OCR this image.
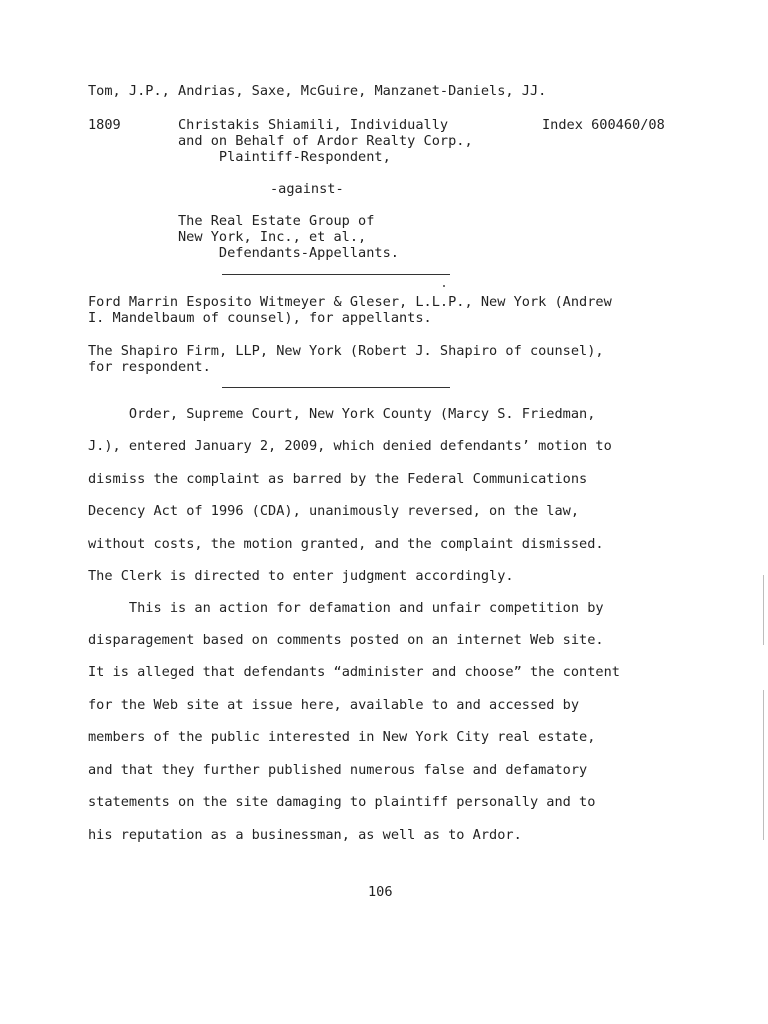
Tom, J.P., Andrias, Saxe, McGuire, Manzanet-Daniels, JJ.
1809	Christakis Shiamili, Individually
and on Behalf of Ardor Realty Corp.,
Plaintiff-Respondent,
Index 600460/08
-against-
The Real Estate Group of
New York, Inc., et al.,
Defendants-Appellants.
Ford Marrin Esposito Witmeyer & Gleser, L.L.P., New York (Andrew
I. Mandelbaum of counsel), for appellants.
The Shapiro Firm, LLP, New York (Robert J. Shapiro of counsel),
for respondent.
Order, Supreme Court, New York County (Marcy S. Friedman,
J.), entered January 2, 2009, which denied defendants’ motion to
dismiss the complaint as barred by the Federal Communications
Decency Act of 1996 (CDA), unanimously reversed, on the law,
without costs, the motion granted, and the complaint dismissed.
The Clerk is directed to enter judgment accordingly.
This is an action for defamation and unfair competition by
disparagement based on comments posted on an internet Web site.
It is alleged that defendants “administer and choose” the content
for the Web site at issue here, available to and accessed by
members of the public interested in New York City real estate,
and that they further published numerous false and defamatory
statements on the site damaging to plaintiff personally and to
his reputation as a businessman, as well as to Ardor.
106
